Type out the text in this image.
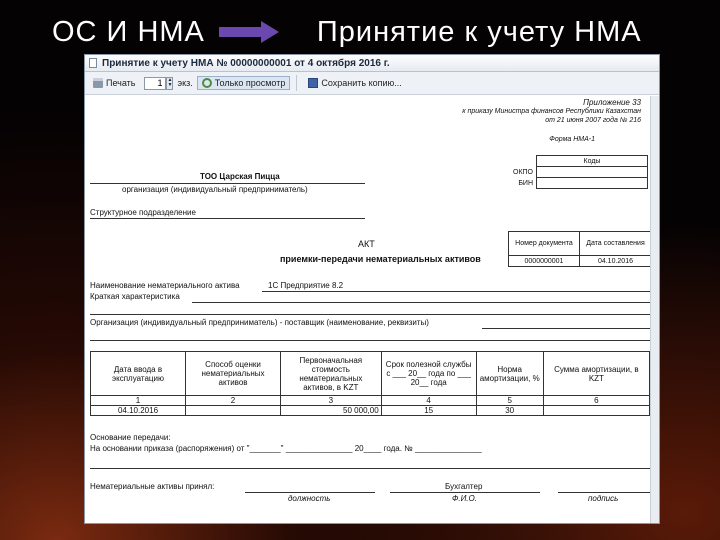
ОС И НМА	Принятие к учету НМА
Принятие к учету НМА № 00000000001 от 4 октября 2016 г.
Печать
1	▲
▼ экз. Только просмотр	Сохранить копию...
Приложение 33
к приказу Министра финансов Республики Казахстан
от 21 июня 2007 года № 216
Форма НМА-1
	Коды
ОКПО	
БИН	
ТОО Царская Пицца
организация (индивидуальный предприниматель)
Структурное подразделение
Номер документа	Дата составления
0000000001	04.10.2016
АКТ
приемки-передачи нематериальных активов
Наименование нематериального актива	1С Предприятие 8.2
Краткая характеристика
Организация (индивидуальный предприниматель) - поставщик (наименование, реквизиты)
Дата ввода в эксплуатацию	Способ оценки нематериальных активов	Первоначальная стоимость нематериальных активов, в KZT	Срок полезной службы с ___ 20__ года по ___ 20__ года	Норма амортизации, %	Сумма амортизации, в KZT
1	2	3	4	5	6
04.10.2016		50 000,00	15	30	
Основание передачи:
На основании приказа (распоряжения) от "_______" _______________ 20____ года. № _______________
Нематериальные активы принял:	Бухгалтер
должность	Ф.И.О.	подпись
